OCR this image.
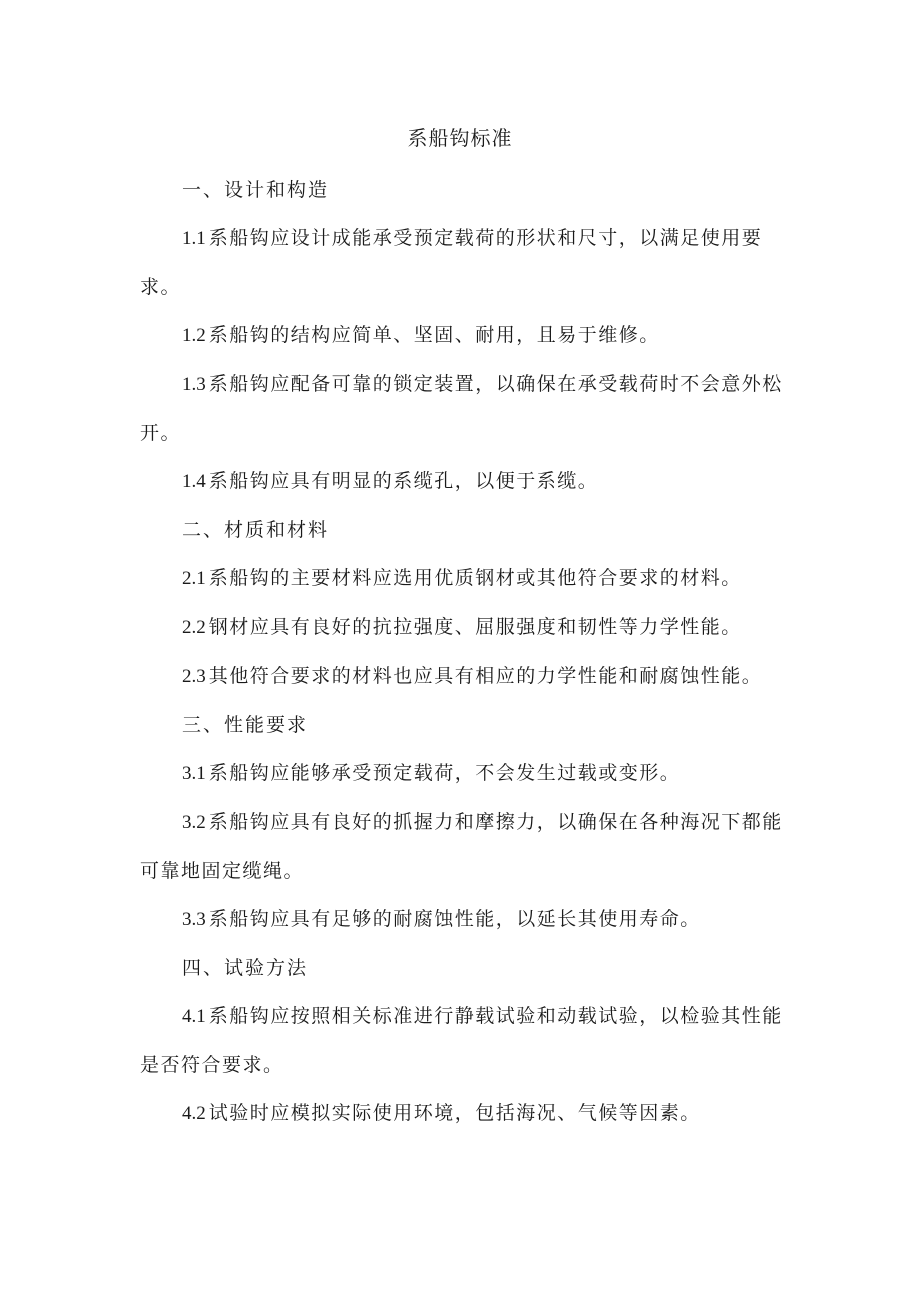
系船钩标准

一、设计和构造

1.1 系船钩应设计成能承受预定载荷的形状和尺寸，以满足使用要求。

1.2 系船钩的结构应简单、坚固、耐用，且易于维修。

1.3 系船钩应配备可靠的锁定装置，以确保在承受载荷时不会意外松开。

1.4 系船钩应具有明显的系缆孔，以便于系缆。

二、材质和材料

2.1 系船钩的主要材料应选用优质钢材或其他符合要求的材料。

2.2 钢材应具有良好的抗拉强度、屈服强度和韧性等力学性能。

2.3 其他符合要求的材料也应具有相应的力学性能和耐腐蚀性能。

三、性能要求

3.1 系船钩应能够承受预定载荷，不会发生过载或变形。

3.2 系船钩应具有良好的抓握力和摩擦力，以确保在各种海况下都能可靠地固定缆绳。

3.3 系船钩应具有足够的耐腐蚀性能，以延长其使用寿命。

四、试验方法

4.1 系船钩应按照相关标准进行静载试验和动载试验，以检验其性能是否符合要求。

4.2 试验时应模拟实际使用环境，包括海况、气候等因素。
